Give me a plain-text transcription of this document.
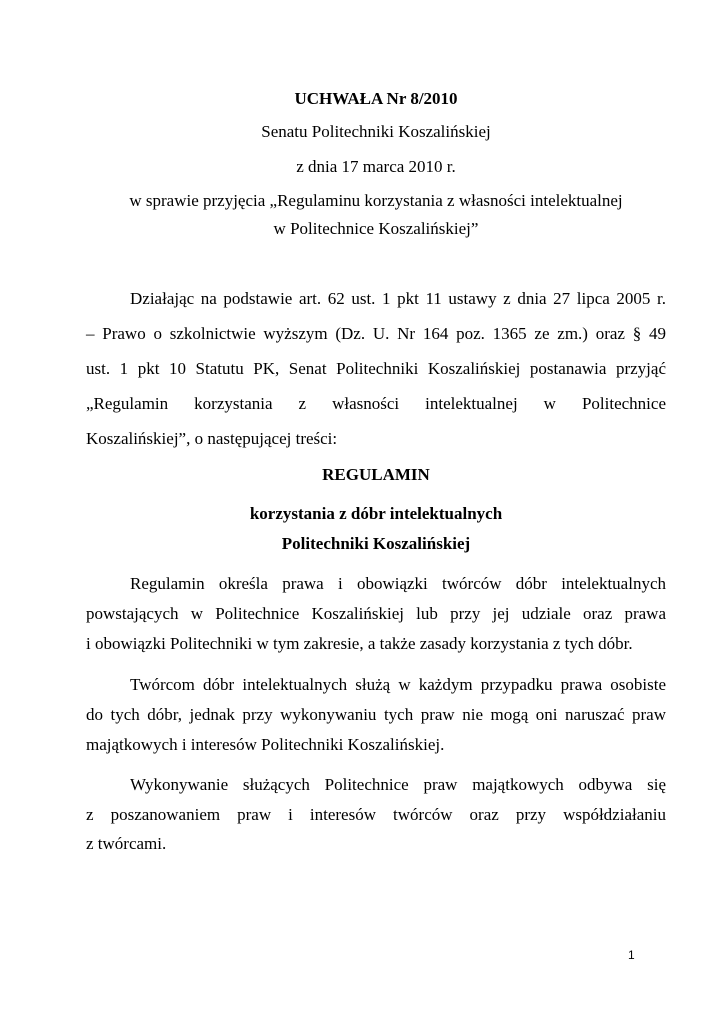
UCHWAŁA Nr 8/2010
Senatu Politechniki Koszalińskiej
z dnia 17 marca 2010 r.
w sprawie przyjęcia „Regulaminu korzystania z własności intelektualnej
w Politechnice Koszalińskiej”
Działając na podstawie art. 62 ust. 1 pkt 11 ustawy z dnia 27 lipca 2005 r.
– Prawo o szkolnictwie wyższym (Dz. U. Nr 164 poz. 1365 ze zm.) oraz § 49
ust. 1 pkt 10 Statutu PK, Senat Politechniki Koszalińskiej postanawia przyjąć
„Regulamin korzystania z własności intelektualnej w Politechnice
Koszalińskiej”, o następującej treści:
REGULAMIN
korzystania z dóbr intelektualnych
Politechniki Koszalińskiej
Regulamin określa prawa i obowiązki twórców dóbr intelektualnych
powstających w Politechnice Koszalińskiej lub przy jej udziale oraz prawa
i obowiązki Politechniki w tym zakresie, a także zasady korzystania z tych dóbr.
Twórcom dóbr intelektualnych służą w każdym przypadku prawa osobiste
do tych dóbr, jednak przy wykonywaniu tych praw nie mogą oni naruszać praw
majątkowych i interesów Politechniki Koszalińskiej.
Wykonywanie służących Politechnice praw majątkowych odbywa się
z poszanowaniem praw i interesów twórców oraz przy współdziałaniu
z twórcami.
1
